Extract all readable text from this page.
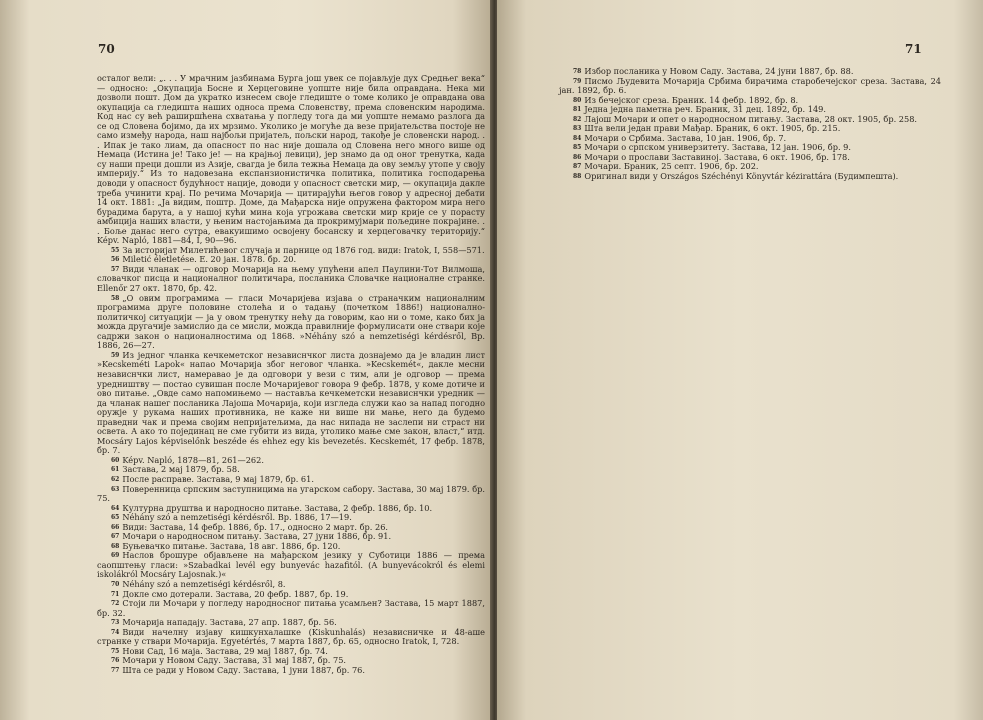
70

осталог вели: „. . . У мрачним јазбинама Бурга још увек се појављује дух Средњег века“ — односно: „Окупација Босне и Херцеговине уопште није била оправдана. Нека ми дозволи пошт. Дом да укратко изнесем своје гледиште о томе колико је оправдана ова окупација са гледишта наших односа према Словенству, према словенским народима. Код нас су већ раширшћена схватања у погледу тога да ми уопште немамо разлога да се од Словена бојимо, да их мрзимо. Уколико је могуће да везе пријатељства постоје не само између народа, наш најбољи пријатељ, пољски народ, такође је словенски народ. . . Ипак је тако лиам, да опасност по нас није дошала од Словена него много више од Немаца (Истина је! Тако је! — на крајњој левици), јер знамо да од оног тренутка, када су наши преци дошли из Азије, свагда је била тежња Немаца да ову земљу утопе у своју империју.“ Из то надовезана експанзионистичка политика, политика господарења доводи у опасност будућност нације, доводи у опасност светски мир, — окупација дакле треба учинити крај. По речима Мочарија — цитирајући његов говор у адресној дебати 14 окт. 1881: „Ја видим, поштр. Доме, да Мађарска није опружена фактором мира него бурадима барута, а у нашој кући мина која угрожава светски мир крије се у порасту амбиција наших власти, у њеним настојањима да прокримујмари пољедине покрајине. . . Боље данас него сутра, евакуишимо освојену босанску и херцеговачку територију.“ Képv. Napló, 1881—84, I, 90—96.

55 За историјат Милетићевог случаја и парнице од 1876 год. види: Iratok, I, 558—571.

56 Miletić életletése. E. 20 јан. 1878. бр. 20.

57 Види чланак — одговор Мочарија на њему упућени апел Паулини-Тот Вилмоша, словачког писца и националног политичара, посланика Словачке националне странке. Ellenőr 27 окт. 1870, бр. 42.

58 „О овим програмима — гласи Мочаријева изјава о страначким националним програмима друге половине столећа и о тадању (почетком 1886!) национално-политичкој ситуацији — ја у овом тренутку нећу да говорим, као ни о томе, како бих ја можда другачије замислио да се мисли, можда правилније формулисати оне ствари које садржи закон о националностима од 1868. »Néhány szó a nemzetiségi kérdésről, Bp. 1886, 26—27.

59 Из једног чланка кечкеметског независнчког листа дознајемо да је владин лист »Kecskeméti Lapok« напао Мочарија због неговог чланка. »Kecskemét«, дакле месни независнчки лист, намеравао је да одговори у вези с тим, али је одговор — према уредништву — постао сувишан после Мочаријевог говора 9 фебр. 1878, у коме дотиче и ово питање. „Овде само напомињемо — наставља кечкеметски независнчки уредник — да чланак нашег посланика Лајоша Мочарија, који изгледа служи као за напад погодно оружје у рукама наших противника, не каже ни више ни мање, него да будемо праведни чак и према својим непријатељима, да нас нипада не заслепи ни страст ни освета. А ако то појединац не сме губити из вида, утолико мање сме закон, власт,“ итд. Mocsáry Lajos képviselőnk beszéde és ehhez egy kis bevezetés. Kecskemét, 17 фебр. 1878, бр. 7.

60 Képv. Napló, 1878—81, 261—262.

61 Застава, 2 мај 1879, бр. 58.

62 После расправе. Застава, 9 мај 1879, бр. 61.

63 Поверенница српским заступницима на угарском сабору. Застава, 30 мај 1879. бр. 75.

64 Културна друштва и народносно питање. Застава, 2 фебр. 1886, бр. 10.

65 Néhány szó a nemzetiségi kérdésről. Bp. 1886, 17—19.

66 Види: Застава, 14 фебр. 1886, бр. 17., односно 2 март. бр. 26.

67 Мочари о народносном питању. Застава, 27 јуни 1886, бр. 91.

68 Буњевачко питање. Застава, 18 авг. 1886, бр. 120.

69 Наслов брошуре објављене на мађарском језику у Суботици 1886 — према саопштењу гласи: »Szabadkai levél egy bunyevác hazafitól. (A bunyevácokról és elemi iskolákról Mocsáry Lajosnak.)«

70 Néhány szó a nemzetiségi kérdésről, 8.

71 Докле смо дотерали. Застава, 20 фебр. 1887, бр. 19.

72 Стоји ли Мочари у погледу народносног питања усамљен? Застава, 15 март 1887, бр. 32.

73 Мочарија нападају. Застава, 27 апр. 1887, бр. 56.

74 Види начелну изјаву кишкунхалашке (Kiskunhalás) независничке и 48-аше странке у ствари Мочарија. Egyetértés, 7 марта 1887, бр. 65, односно Iratok, I, 728.

75 Нови Сад, 16 маја. Застава, 29 мај 1887, бр. 74.

76 Мочари у Новом Саду. Застава, 31 мај 1887, бр. 75.

77 Шта се ради у Новом Саду. Застава, 1 јуни 1887, бр. 76.

71

78 Избор посланика у Новом Саду. Застава, 24 јуни 1887, бр. 88.

79 Писмо Људевита Мочарија Србима бирачима старобечејског среза. Застава, 24 јан. 1892, бр. 6.

80 Из бечејског среза. Браник. 14 фебр. 1892, бр. 8.

81 Једна једна паметна реч. Браник, 31 дец. 1892, бр. 149.

82 Лајош Мочари и опет о народносном питању. Застава, 28 окт. 1905, бр. 258.

83 Шта вели један прави Мађар. Браник, 6 окт. 1905, бр. 215.

84 Мочари о Србима. Застава, 10 јан. 1906, бр. 7.

85 Мочари о српском универзитету. Застава, 12 јан. 1906, бр. 9.

86 Мочари о прослави Заставиној. Застава, 6 окт. 1906, бр. 178.

87 Мочари. Браник, 25 септ. 1906, бр. 202.

88 Оригинал види у Országos Széchényi Könyvtár kézirattára (Будимпешта).
